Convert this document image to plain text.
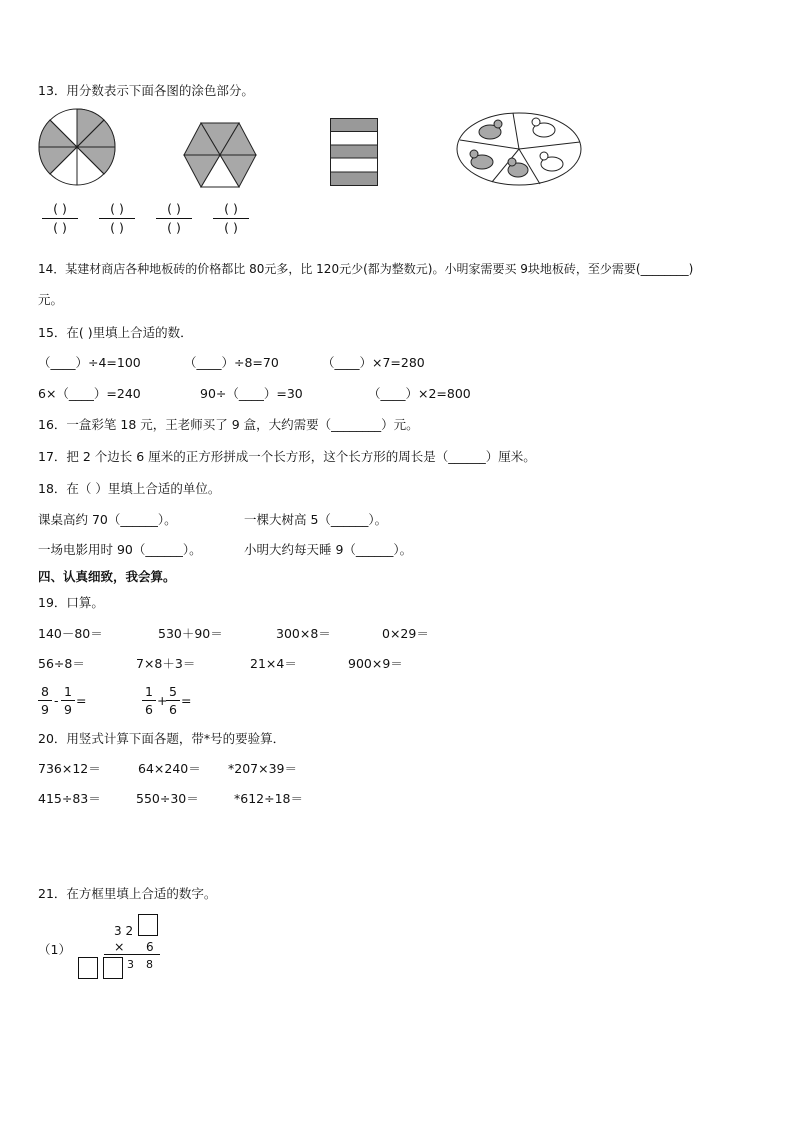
13．用分数表示下面各图的涂色部分。
( )
( )
( )
( )
( )
( )
( )
( )
14．某建材商店各种地板砖的价格都比 80元多，比 120元少(都为整数元)。小明家需要买 9块地板砖，至少需要(________)
元。
15．在( )里填上合适的数．
（____）÷4=100	（____）÷8=70	（____）×7=280
6×（____）=240	90÷（____）=30	（____）×2=800
16．一盒彩笔 18 元，王老师买了 9 盒，大约需要（________）元。
17．把 2 个边长 6 厘米的正方形拼成一个长方形，这个长方形的周长是（______）厘米。
18．在（ ）里填上合适的单位。
课桌高约 70（______）。	一棵大树高 5（______）。
一场电影用时 90（______）。	小明大约每天睡 9（______）。
四、认真细致，我会算。
19．口算。
140－80＝	530＋90＝	300×8＝	0×29＝
56÷8＝	7×8＋3＝	21×4＝	900×9＝
8
9
-
1
9
=
1
6
+
5
6
=
20．用竖式计算下面各题，带*号的要验算．
736×12＝	64×240＝ *207×39＝
415÷83＝	550÷30＝	*612÷18＝
21．在方框里填上合适的数字。
3 2
× 6
（1）
3 8
